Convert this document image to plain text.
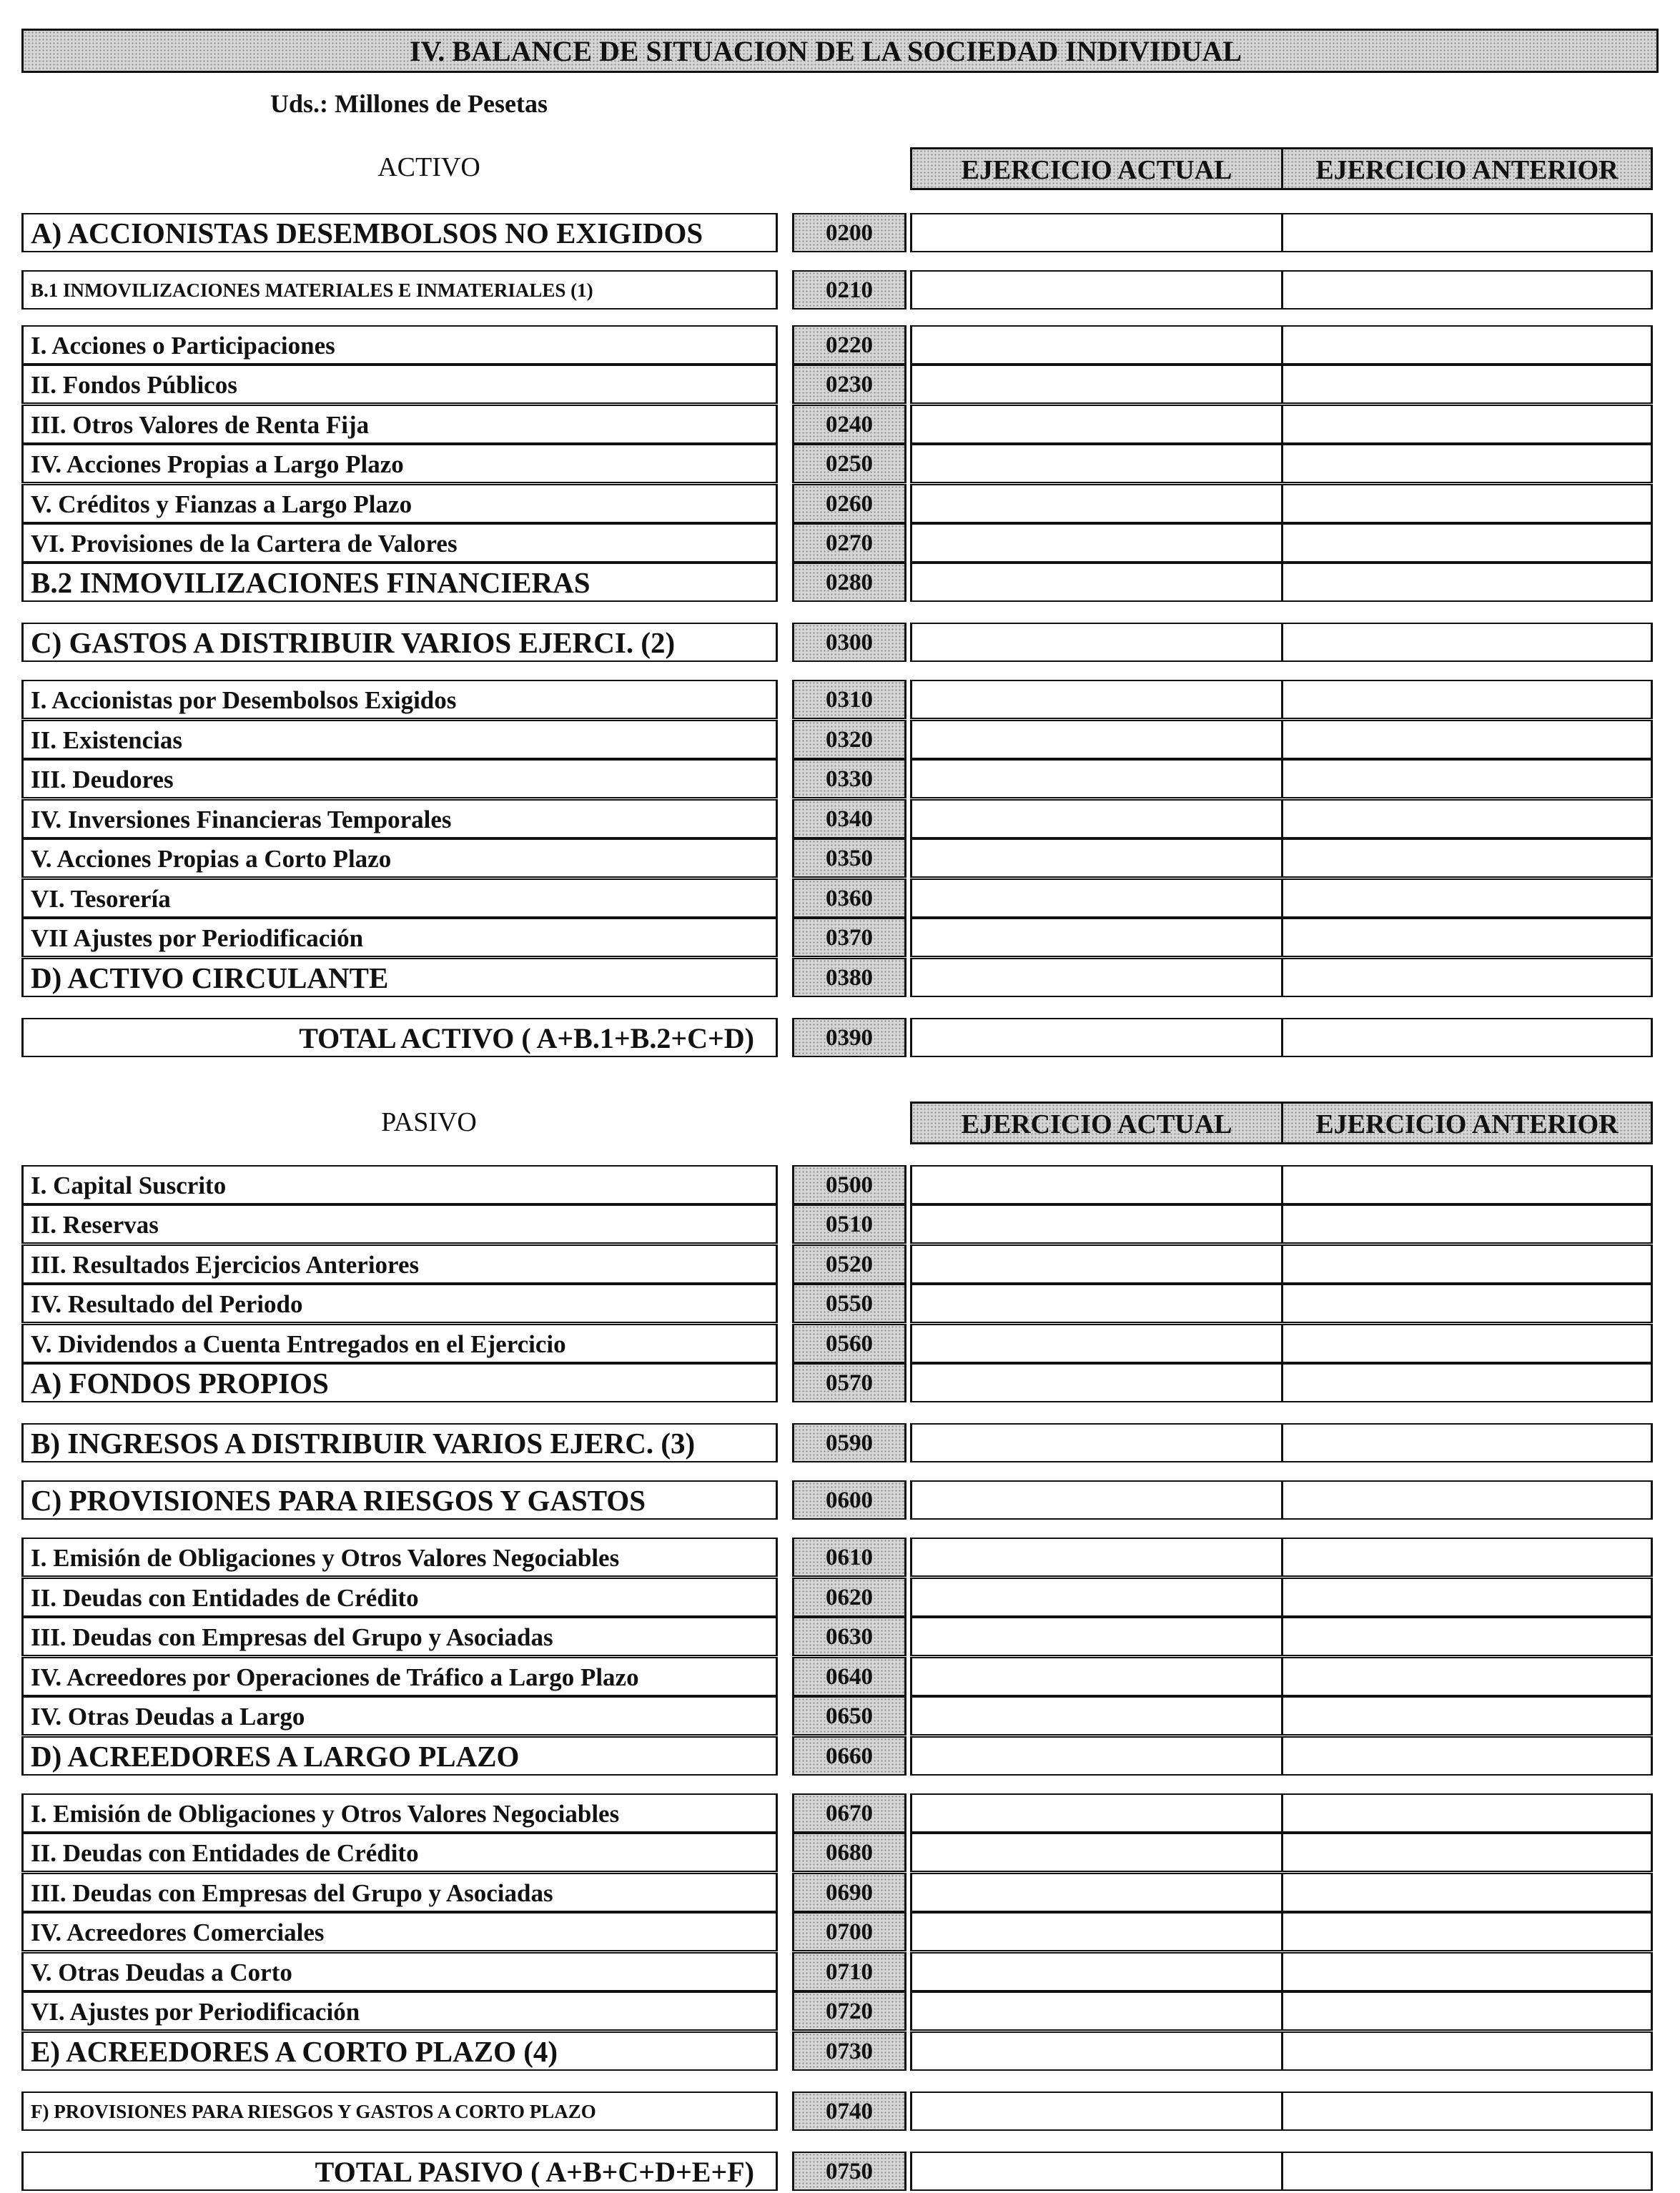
IV. BALANCE DE SITUACION DE LA SOCIEDAD INDIVIDUAL
Uds.: Millones de Pesetas
ACTIVO	EJERCICIO ACTUAL	EJERCICIO ANTERIOR
PASIVO	EJERCICIO ACTUAL	EJERCICIO ANTERIOR
A) ACCIONISTAS DESEMBOLSOS NO EXIGIDOS	0200
B.1 INMOVILIZACIONES MATERIALES E INMATERIALES (1)	0210
I. Acciones o Participaciones	0220
II. Fondos Públicos	0230
III. Otros Valores de Renta Fija	0240
IV. Acciones Propias a Largo Plazo	0250
V. Créditos y Fianzas a Largo Plazo	0260
VI. Provisiones de la Cartera de Valores	0270
B.2 INMOVILIZACIONES FINANCIERAS	0280
C) GASTOS A DISTRIBUIR VARIOS EJERCI. (2)	0300
I. Accionistas por Desembolsos Exigidos	0310
II. Existencias	0320
III. Deudores	0330
IV. Inversiones Financieras Temporales	0340
V. Acciones Propias a Corto Plazo	0350
VI. Tesorería	0360
VII Ajustes por Periodificación	0370
D) ACTIVO CIRCULANTE	0380
TOTAL ACTIVO ( A+B.1+B.2+C+D)	0390
I. Capital Suscrito	0500
II. Reservas	0510
III. Resultados Ejercicios Anteriores	0520
IV. Resultado del Periodo	0550
V. Dividendos a Cuenta Entregados en el Ejercicio	0560
A) FONDOS PROPIOS	0570
B) INGRESOS A DISTRIBUIR VARIOS EJERC. (3)	0590
C) PROVISIONES PARA RIESGOS Y GASTOS	0600
I. Emisión de Obligaciones y Otros Valores Negociables	0610
II. Deudas con Entidades de Crédito	0620
III. Deudas con Empresas del Grupo y Asociadas	0630
IV. Acreedores por Operaciones de Tráfico a Largo Plazo	0640
IV. Otras Deudas a Largo	0650
D) ACREEDORES A LARGO PLAZO	0660
I. Emisión de Obligaciones y Otros Valores Negociables	0670
II. Deudas con Entidades de Crédito	0680
III. Deudas con Empresas del Grupo y Asociadas	0690
IV. Acreedores Comerciales	0700
V. Otras Deudas a Corto	0710
VI. Ajustes por Periodificación	0720
E) ACREEDORES A CORTO PLAZO (4)	0730
F) PROVISIONES PARA RIESGOS Y GASTOS A CORTO PLAZO	0740
TOTAL PASIVO ( A+B+C+D+E+F)	0750
